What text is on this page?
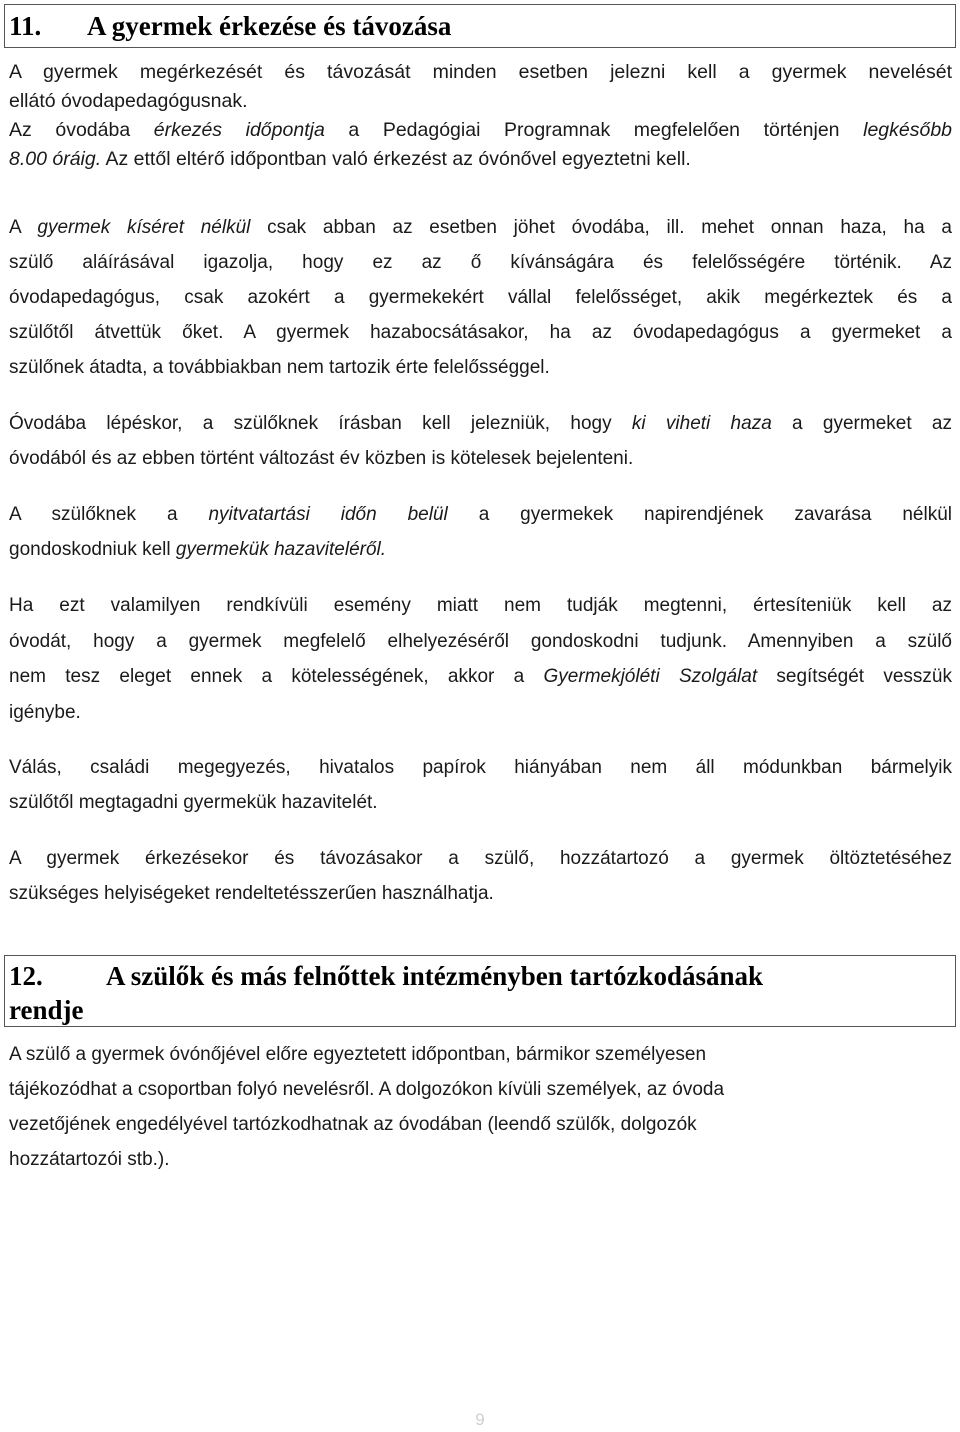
11. A gyermek érkezése és távozása
A gyermek megérkezését és távozását minden esetben jelezni kell a gyermek nevelését
ellátó óvodapedagógusnak.
Az óvodába érkezés időpontja a Pedagógiai Programnak megfelelően történjen legkésőbb
8.00 óráig. Az ettől eltérő időpontban való érkezést az óvónővel egyeztetni kell.
A gyermek kíséret nélkül csak abban az esetben jöhet óvodába, ill. mehet onnan haza, ha a
szülő aláírásával igazolja, hogy ez az ő kívánságára és felelősségére történik. Az
óvodapedagógus, csak azokért a gyermekekért vállal felelősséget, akik megérkeztek és a
szülőtől átvettük őket. A gyermek hazabocsátásakor, ha az óvodapedagógus a gyermeket a
szülőnek átadta, a továbbiakban nem tartozik érte felelősséggel.
Óvodába lépéskor, a szülőknek írásban kell jelezniük, hogy ki viheti haza a gyermeket az
óvodából és az ebben történt változást év közben is kötelesek bejelenteni.
A szülőknek a nyitvatartási időn belül a gyermekek napirendjének zavarása nélkül
gondoskodniuk kell gyermekük hazaviteléről.
Ha ezt valamilyen rendkívüli esemény miatt nem tudják megtenni, értesíteniük kell az
óvodát, hogy a gyermek megfelelő elhelyezéséről gondoskodni tudjunk. Amennyiben a szülő
nem tesz eleget ennek a kötelességének, akkor a Gyermekjóléti Szolgálat segítségét vesszük
igénybe.
Válás, családi megegyezés, hivatalos papírok hiányában nem áll módunkban bármelyik
szülőtől megtagadni gyermekük hazavitelét.
A gyermek érkezésekor és távozásakor a szülő, hozzátartozó a gyermek öltöztetéséhez
szükséges helyiségeket rendeltetésszerűen használhatja.
12. A szülők és más felnőttek intézményben tartózkodásának
rendje
A szülő a gyermek óvónőjével előre egyeztetett időpontban, bármikor személyesen
tájékozódhat a csoportban folyó nevelésről. A dolgozókon kívüli személyek, az óvoda
vezetőjének engedélyével tartózkodhatnak az óvodában (leendő szülők, dolgozók
hozzátartozói stb.).
9
